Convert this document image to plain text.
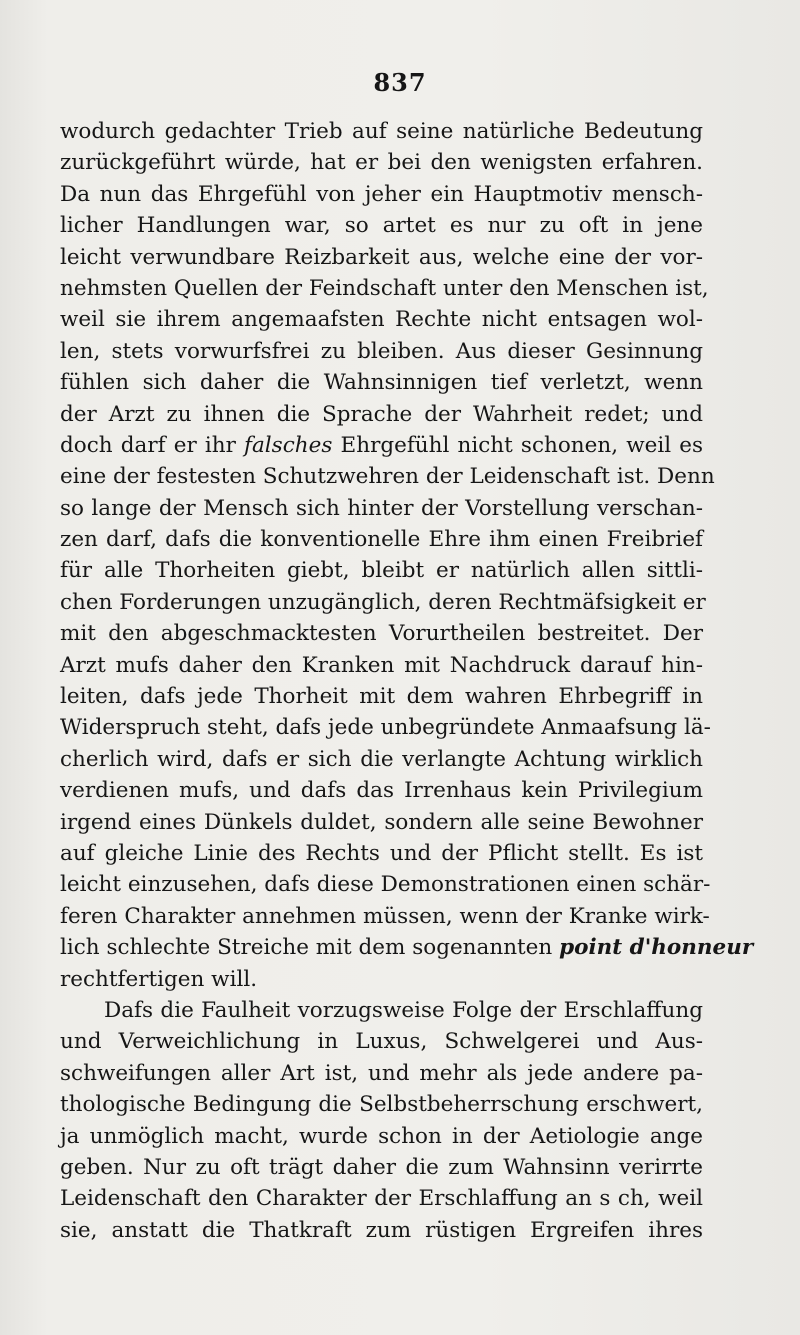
837
wodurch gedachter Trieb auf seine natürliche Bedeutung
zurückgeführt würde, hat er bei den wenigsten erfahren.
Da nun das Ehrgefühl von jeher ein Hauptmotiv mensch-
licher Handlungen war, so artet es nur zu oft in jene
leicht verwundbare Reizbarkeit aus, welche eine der vor-
nehmsten Quellen der Feindschaft unter den Menschen ist,
weil sie ihrem angemaafsten Rechte nicht entsagen wol-
len, stets vorwurfsfrei zu bleiben. Aus dieser Gesinnung
fühlen sich daher die Wahnsinnigen tief verletzt, wenn
der Arzt zu ihnen die Sprache der Wahrheit redet; und
doch darf er ihr falsches Ehrgefühl nicht schonen, weil es
eine der festesten Schutzwehren der Leidenschaft ist. Denn
so lange der Mensch sich hinter der Vorstellung verschan-
zen darf, dafs die konventionelle Ehre ihm einen Freibrief
für alle Thorheiten giebt, bleibt er natürlich allen sittli-
chen Forderungen unzugänglich, deren Rechtmäfsigkeit er
mit den abgeschmacktesten Vorurtheilen bestreitet. Der
Arzt mufs daher den Kranken mit Nachdruck darauf hin-
leiten, dafs jede Thorheit mit dem wahren Ehrbegriff in
Widerspruch steht, dafs jede unbegründete Anmaafsung lä-
cherlich wird, dafs er sich die verlangte Achtung wirklich
verdienen mufs, und dafs das Irrenhaus kein Privilegium
irgend eines Dünkels duldet, sondern alle seine Bewohner
auf gleiche Linie des Rechts und der Pflicht stellt. Es ist
leicht einzusehen, dafs diese Demonstrationen einen schär-
feren Charakter annehmen müssen, wenn der Kranke wirk-
lich schlechte Streiche mit dem sogenannten point d'honneur
rechtfertigen will.
Dafs die Faulheit vorzugsweise Folge der Erschlaffung
und Verweichlichung in Luxus, Schwelgerei und Aus-
schweifungen aller Art ist, und mehr als jede andere pa-
thologische Bedingung die Selbstbeherrschung erschwert,
ja unmöglich macht, wurde schon in der Aetiologie ange
geben. Nur zu oft trägt daher die zum Wahnsinn verirrte
Leidenschaft den Charakter der Erschlaffung an s ch, weil
sie, anstatt die Thatkraft zum rüstigen Ergreifen ihres
